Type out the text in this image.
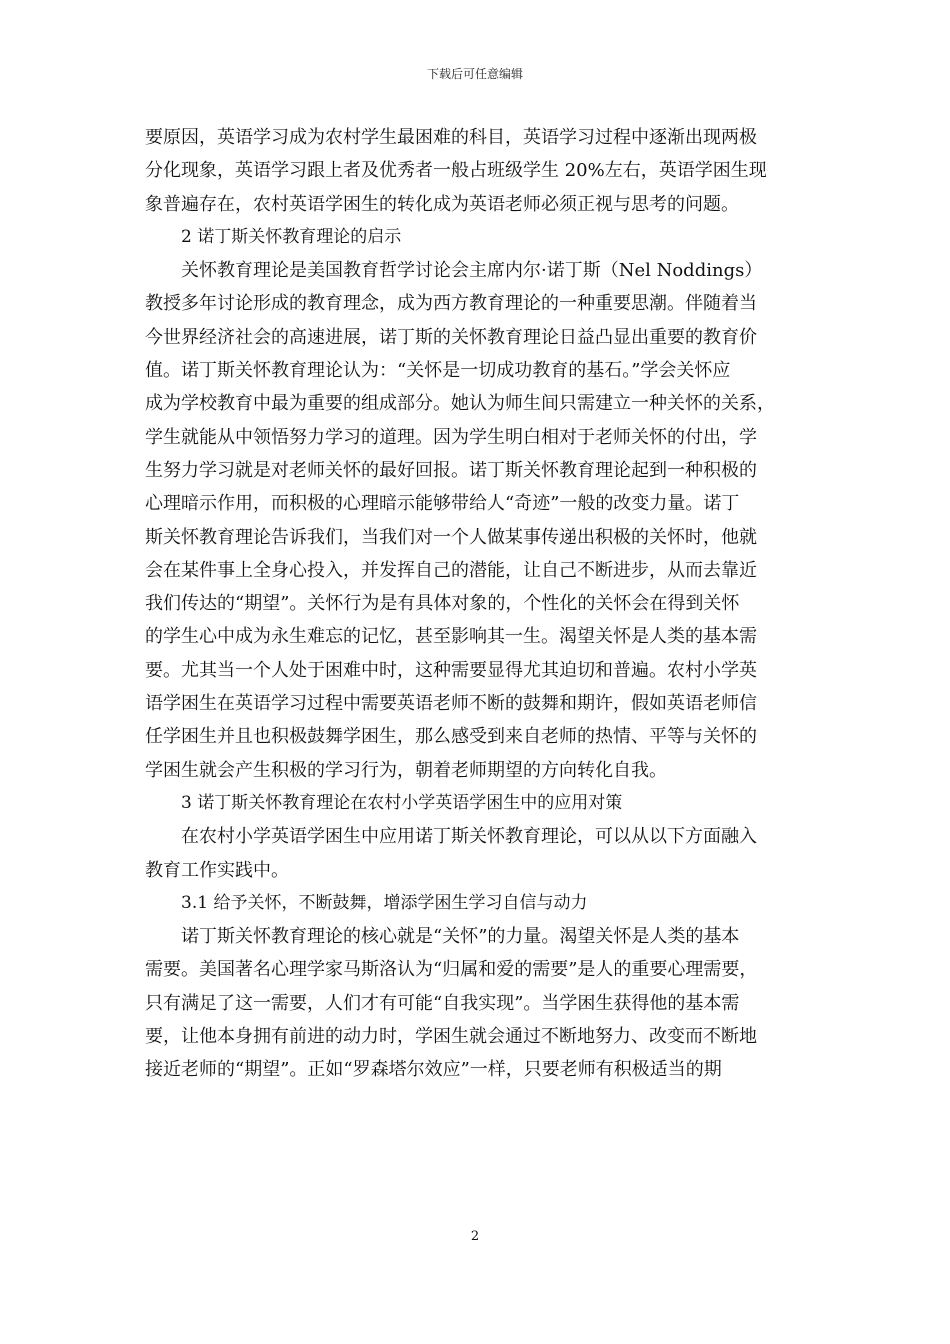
下载后可任意编辑
要原因，英语学习成为农村学生最困难的科目，英语学习过程中逐渐出现两极
分化现象，英语学习跟上者及优秀者一般占班级学生 20%左右，英语学困生现
象普遍存在，农村英语学困生的转化成为英语老师必须正视与思考的问题。
2 诺丁斯关怀教育理论的启示
关怀教育理论是美国教育哲学讨论会主席内尔·诺丁斯（Nel Noddings）
教授多年讨论形成的教育理念，成为西方教育理论的一种重要思潮。伴随着当
今世界经济社会的高速进展，诺丁斯的关怀教育理论日益凸显出重要的教育价
值。诺丁斯关怀教育理论认为：“关怀是一切成功教育的基石。”学会关怀应
成为学校教育中最为重要的组成部分。她认为师生间只需建立一种关怀的关系，
学生就能从中领悟努力学习的道理。因为学生明白相对于老师关怀的付出，学
生努力学习就是对老师关怀的最好回报。诺丁斯关怀教育理论起到一种积极的
心理暗示作用，而积极的心理暗示能够带给人“奇迹”一般的改变力量。诺丁
斯关怀教育理论告诉我们，当我们对一个人做某事传递出积极的关怀时，他就
会在某件事上全身心投入，并发挥自己的潜能，让自己不断进步，从而去靠近
我们传达的“期望”。关怀行为是有具体对象的，个性化的关怀会在得到关怀
的学生心中成为永生难忘的记忆，甚至影响其一生。渴望关怀是人类的基本需
要。尤其当一个人处于困难中时，这种需要显得尤其迫切和普遍。农村小学英
语学困生在英语学习过程中需要英语老师不断的鼓舞和期许，假如英语老师信
任学困生并且也积极鼓舞学困生，那么感受到来自老师的热情、平等与关怀的
学困生就会产生积极的学习行为，朝着老师期望的方向转化自我。
3 诺丁斯关怀教育理论在农村小学英语学困生中的应用对策
在农村小学英语学困生中应用诺丁斯关怀教育理论，可以从以下方面融入
教育工作实践中。
3.1 给予关怀，不断鼓舞，增添学困生学习自信与动力
诺丁斯关怀教育理论的核心就是“关怀”的力量。渴望关怀是人类的基本
需要。美国著名心理学家马斯洛认为“归属和爱的需要”是人的重要心理需要，
只有满足了这一需要，人们才有可能“自我实现”。当学困生获得他的基本需
要，让他本身拥有前进的动力时，学困生就会通过不断地努力、改变而不断地
接近老师的“期望”。正如“罗森塔尔效应”一样，只要老师有积极适当的期
2
